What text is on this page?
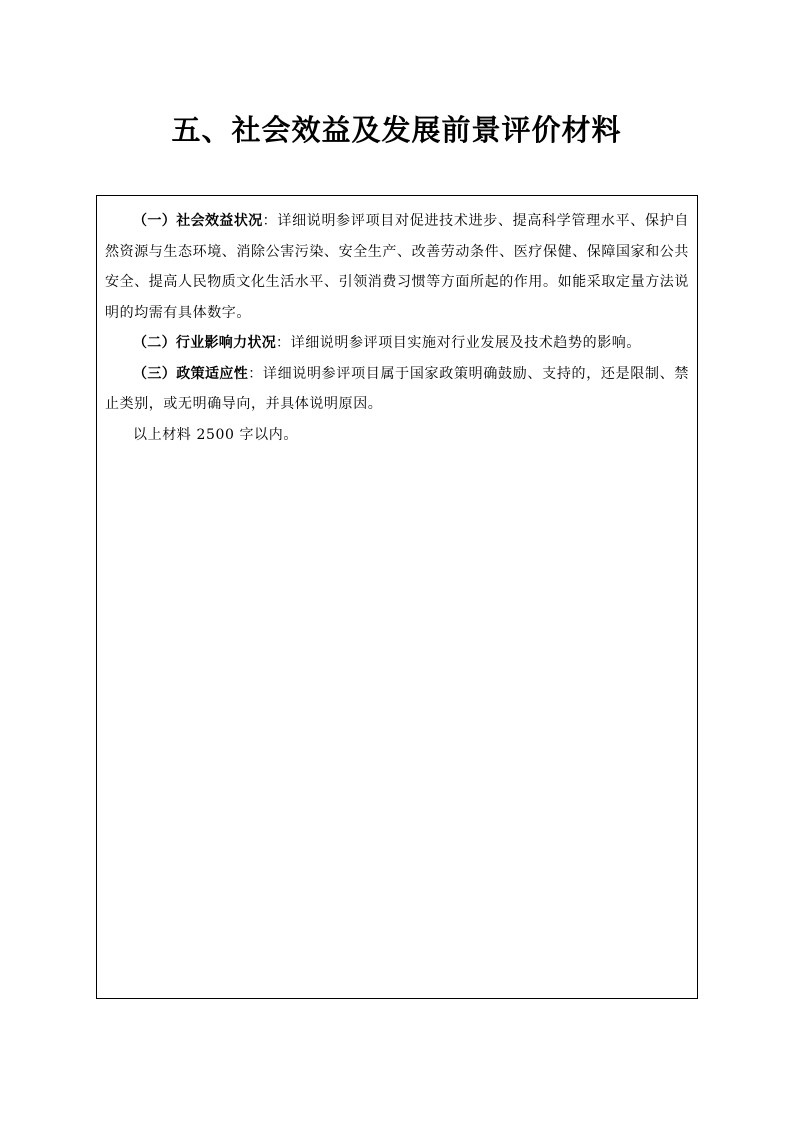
五、社会效益及发展前景评价材料

（一）社会效益状况：详细说明参评项目对促进技术进步、提高科学管理水平、保护自然资源与生态环境、消除公害污染、安全生产、改善劳动条件、医疗保健、保障国家和公共安全、提高人民物质文化生活水平、引领消费习惯等方面所起的作用。如能采取定量方法说明的均需有具体数字。

（二）行业影响力状况：详细说明参评项目实施对行业发展及技术趋势的影响。

（三）政策适应性：详细说明参评项目属于国家政策明确鼓励、支持的，还是限制、禁止类别，或无明确导向，并具体说明原因。

以上材料 2500 字以内。
